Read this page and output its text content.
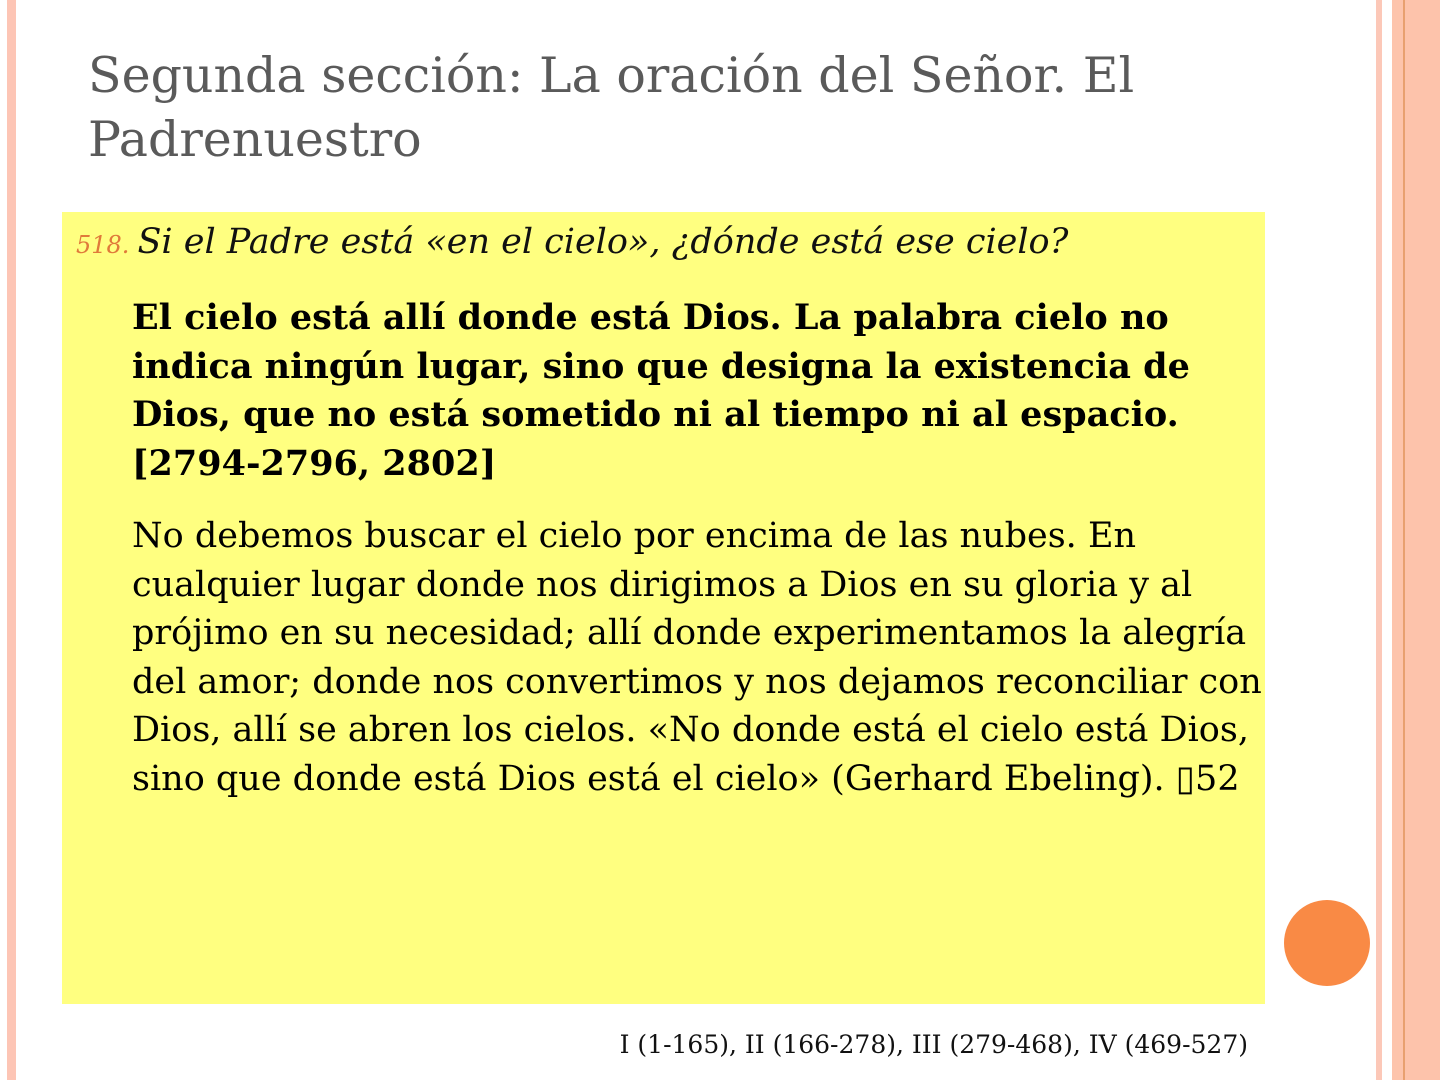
Segunda sección: La oración del Señor. El Padrenuestro
518. Si el Padre está «en el cielo», ¿dónde está ese cielo?
El cielo está allí donde está Dios. La palabra cielo no indica ningún lugar, sino que designa la existencia de Dios, que no está sometido ni al tiempo ni al espacio. [2794-2796, 2802]
No debemos buscar el cielo por encima de las nubes. En cualquier lugar donde nos dirigimos a Dios en su gloria y al prójimo en su necesidad; allí donde experimentamos la alegría del amor; donde nos convertimos y nos dejamos reconciliar con Dios, allí se abren los cielos. «No donde está el cielo está Dios, sino que donde está Dios está el cielo» (Gerhard Ebeling). ▯52
I (1-165), II (166-278), III (279-468), IV (469-527)
